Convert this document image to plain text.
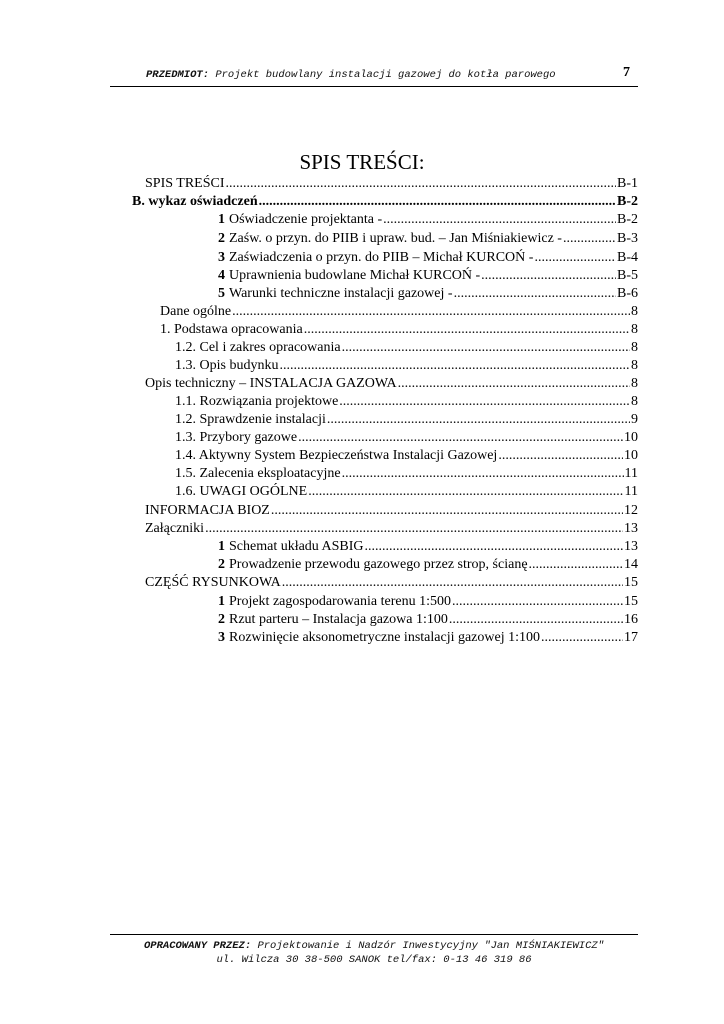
PRZEDMIOT: Projekt budowlany instalacji gazowej do kotła parowego	7
SPIS TREŚCI:
SPIS TREŚCI .....	B-1
B. wykaz oświadczeń .....	B-2
1 Oświadczenie projektanta - .....	B-2
2 Zaśw. o przyn. do PIIB i upraw. bud. – Jan Miśniakiewicz - .....	B-3
3 Zaświadczenia o przyn. do PIIB – Michał KURCOŃ - .....	B-4
4 Uprawnienia budowlane Michał KURCOŃ - .....	B-5
5 Warunki techniczne instalacji gazowej - .....	B-6
Dane ogólne .....	8
1. Podstawa opracowania .....	8
1.2. Cel i zakres opracowania .....	8
1.3. Opis budynku .....	8
Opis techniczny – INSTALACJA GAZOWA .....	8
1.1. Rozwiązania projektowe .....	8
1.2. Sprawdzenie instalacji .....	9
1.3. Przybory gazowe .....	10
1.4. Aktywny System Bezpieczeństwa Instalacji Gazowej .....	10
1.5. Zalecenia eksploatacyjne .....	11
1.6. UWAGI OGÓLNE .....	11
INFORMACJA BIOZ .....	12
Załączniki .....	13
1 Schemat układu ASBIG .....	13
2 Prowadzenie przewodu gazowego przez strop, ścianę .....	14
CZĘŚĆ RYSUNKOWA .....	15
1 Projekt zagospodarowania terenu 1:500 .....	15
2 Rzut parteru – Instalacja gazowa 1:100 .....	16
3 Rozwinięcie aksonometryczne instalacji gazowej 1:100 .....	17
OPRACOWANY PRZEZ: Projektowanie i Nadzór Inwestycyjny "Jan MIŚNIAKIEWICZ"
ul. Wilcza 30 38-500 SANOK tel/fax: 0-13 46 319 86
